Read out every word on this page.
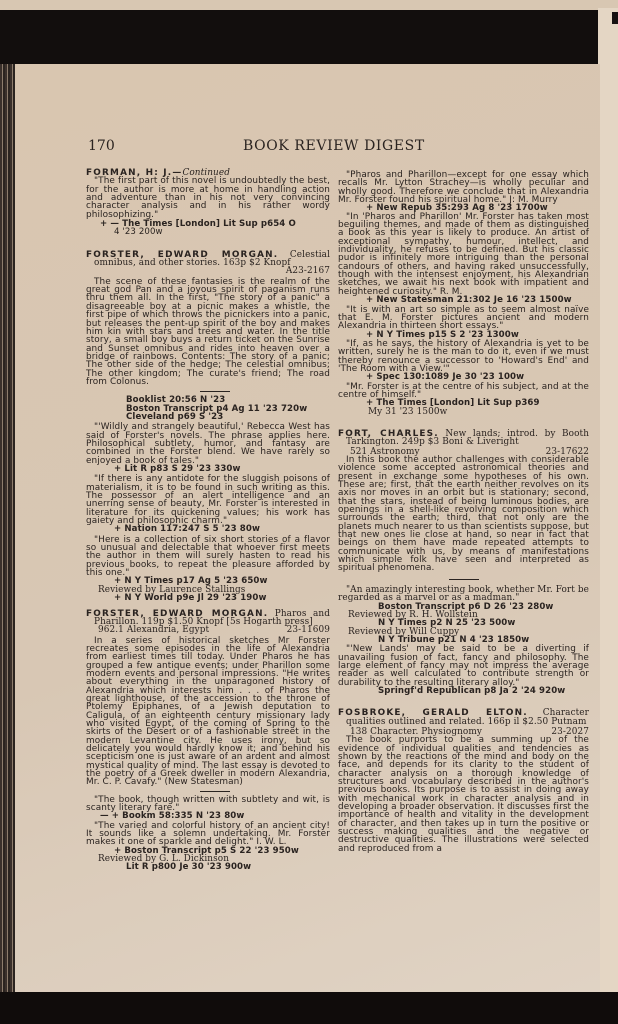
170	BOOK REVIEW DIGEST
FORMAN, H: J.—Continued
"The first part of this novel is undoubtedly the best, for the author is more at home in handling action and adventure than in his not very convincing character analysis and in his rather wordy philosophizing."
+ — The Times [London] Lit Sup p654 O
4 '23 200w
FORSTER, EDWARD MORGAN. Celestial omnibus, and other stories. 163p $2 Knopf
A23-2167
The scene of these fantasies is the realm of the great god Pan and a joyous spirit of paganism runs thru them all. In the first, "The story of a panic" a disagreeable boy at a picnic makes a whistle, the first pipe of which throws the picnickers into a panic, but releases the pent-up spirit of the boy and makes him kin with stars and trees and water. In the title story, a small boy buys a return ticket on the Sunrise and Sunset omnibus and rides into heaven over a bridge of rainbows. Contents: The story of a panic; The other side of the hedge; The celestial omnibus; The other kingdom; The curate's friend; The road from Colonus.
Booklist 20:56 N '23
Boston Transcript p4 Ag 11 '23 720w
Cleveland p69 S '23
"'Wildly and strangely beautiful,' Rebecca West has said of Forster's novels. The phrase applies here. Philosophical subtlety, humor, and fantasy are combined in the Forster blend. We have rarely so enjoyed a book of tales."
+ Lit R p83 S 29 '23 330w
"If there is any antidote for the sluggish poisons of materialism, it is to be found in such writing as this. The possessor of an alert intelligence and an unerring sense of beauty, Mr. Forster is interested in literature for its quickening values; his work has gaiety and philosophic charm."
+ Nation 117:247 S 5 '23 80w
"Here is a collection of six short stories of a flavor so unusual and delectable that whoever first meets the author in them will surely hasten to read his previous books, to repeat the pleasure afforded by this one."
+ N Y Times p17 Ag 5 '23 650w
Reviewed by Laurence Stallings
+ N Y World p9e Jl 29 '23 190w
FORSTER, EDWARD MORGAN. Pharos and Pharillon. 119p $1.50 Knopf [5s Hogarth press]
962.1 Alexandria, Egypt	23-11609
In a series of historical sketches Mr Forster recreates some episodes in the life of Alexandria from earliest times till today. Under Pharos he has grouped a few antique events; under Pharillon some modern events and personal impressions. "He writes about everything in the unparagoned history of Alexandria which interests him . . . of Pharos the great lighthouse, of the accession to the throne of Ptolemy Epiphanes, of a Jewish deputation to Caligula, of an eighteenth century missionary lady who visited Egypt, of the coming of Spring to the skirts of the Desert or of a fashionable street in the modern Levantine city. He uses irony, but so delicately you would hardly know it; and behind his scepticism one is just aware of an ardent and almost mystical quality of mind. The last essay is devoted to the poetry of a Greek dweller in modern Alexandria, Mr. C. P. Cavafy." (New Statesman)
"The book, though written with subtlety and wit, is scanty literary fare."
— + Bookm 58:335 N '23 80w
"The varied and colorful history of an ancient city! It sounds like a solemn undertaking. Mr. Forster makes it one of sparkle and delight." I. W. L.
+ Boston Transcript p5 S 22 '23 950w
Reviewed by G. L. Dickinson
Lit R p800 Je 30 '23 900w
"Pharos and Pharillon—except for one essay which recalls Mr. Lytton Strachey—is wholly peculiar and wholly good. Therefore we conclude that in Alexandria Mr. Forster found his spiritual home." J: M. Murry
+ New Repub 35:293 Ag 8 '23 1700w
"In 'Pharos and Pharillon' Mr. Forster has taken most beguiling themes, and made of them as distinguished a book as this year is likely to produce. An artist of exceptional sympathy, humour, intellect, and individuality, he refuses to be defined. But his classic pudor is infinitely more intriguing than the personal candours of others, and having raked unsuccessfully, though with the intensest enjoyment, his Alexandrian sketches, we await his next book with impatient and heightened curiosity." R. M.
+ New Statesman 21:302 Je 16 '23 1500w
"It is with an art so simple as to seem almost naïve that E. M. Forster pictures ancient and modern Alexandria in thirteen short essays."
+ N Y Times p15 S 2 '23 1300w
"If, as he says, the history of Alexandria is yet to be written, surely he is the man to do it, even if we must thereby renounce a successor to 'Howard's End' and 'The Room with a View.'"
+ Spec 130:1089 Je 30 '23 100w
"Mr. Forster is at the centre of his subject, and at the centre of himself."
+ The Times [London] Lit Sup p369
My 31 '23 1500w
FORT, CHARLES. New lands; introd. by Booth Tarkington. 249p $3 Boni & Liveright
521 Astronomy	23-17622
In this book the author challenges with considerable violence some accepted astronomical theories and present in exchange some hypotheses of his own. These are; first, that the earth neither revolves on its axis nor moves in an orbit but is stationary; second, that the stars, instead of being luminous bodies, are openings in a shell-like revolving composition which surrounds the earth; third, that not only are the planets much nearer to us than scientists suppose, but that new ones lie close at hand, so near in fact that beings on them have made repeated attempts to communicate with us, by means of manifestations which simple folk have seen and interpreted as spiritual phenomena.
"An amazingly interesting book, whether Mr. Fort be regarded as a marvel or as a madman."
Boston Transcript p6 D 26 '23 280w
Reviewed by R. H. Wollstein
N Y Times p2 N 25 '23 500w
Reviewed by Will Cuppy
N Y Tribune p21 N 4 '23 1850w
"'New Lands' may be said to be a diverting if unavailing fusion of fact, fancy and philosophy. The large element of fancy may not impress the average reader as well calculated to contribute strength or durability to the resulting literary alloy."
Springf'd Republican p8 Ja 2 '24 920w
FOSBROKE, GERALD ELTON. Character qualities outlined and related. 166p il $2.50 Putnam
138 Character. Physiognomy	23-2027
The book purports to be a summing up of the evidence of individual qualities and tendencies as shown by the reactions of the mind and body on the face, and depends for its clarity to the student of character analysis on a thorough knowledge of structures and vocabulary described in the author's previous books. Its purpose is to assist in doing away with mechanical work in character analysis and in developing a broader observation. It discusses first the importance of health and vitality in the development of character, and then takes up in turn the positive or success making qualities and the negative or destructive qualities. The illustrations were selected and reproduced from a
